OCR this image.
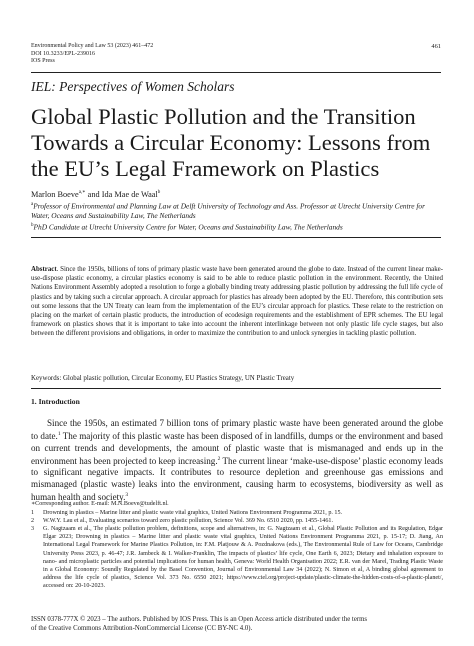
Environmental Policy and Law 53 (2023) 461–472
DOI 10.3233/EPL-239016
IOS Press
461
IEL: Perspectives of Women Scholars
Global Plastic Pollution and the Transition
Towards a Circular Economy: Lessons from
the EU’s Legal Framework on Plastics
Marlon Boeve$^{a,∗}$ and Ida Mae de Waal$^b$
$^a$Professor of Environmental and Planning Law at Delft University of Technology and Ass. Professor at Utrecht University Centre for Water, Oceans and Sustainability Law, The Netherlands
$^b$PhD Candidate at Utrecht University Centre for Water, Oceans and Sustainability Law, The Netherlands
Abstract. Since the 1950s, billions of tons of primary plastic waste have been generated around the globe to date. Instead of the current linear make-use-dispose plastic economy, a circular plastics economy is said to be able to reduce plastic pollution in the environment. Recently, the United Nations Environment Assembly adopted a resolution to forge a globally binding treaty addressing plastic pollution by addressing the full life cycle of plastics and by taking such a circular approach. A circular approach for plastics has already been adopted by the EU. Therefore, this contribution sets out some lessons that the UN Treaty can learn from the implementation of the EU’s circular approach for plastics. These relate to the restriction on placing on the market of certain plastic products, the introduction of ecodesign requirements and the establishment of EPR schemes. The EU legal framework on plastics shows that it is important to take into account the inherent interlinkage between not only plastic life cycle stages, but also between the different provisions and obligations, in order to maximize the contribution to and unlock synergies in tackling plastic pollution.
Keywords: Global plastic pollution, Circular Economy, EU Plastics Strategy, UN Plastic Treaty
1. Introduction
Since the 1950s, an estimated 7 billion tons of primary plastic waste have been generated around the globe to date.$^1$ The majority of this plastic waste has been disposed of in landfills, dumps or the environment and based on current trends and developments, the amount of plastic waste that is mismanaged and ends up in the environment has been projected to keep increasing.$^2$ The current linear ‘make-use-dispose’ plastic economy leads to significant negative impacts. It contributes to resource depletion and greenhouse gas emissions and mismanaged (plastic waste) leaks into the environment, causing harm to ecosystems, biodiversity as well as human health and society.$^3$
∗Corresponding author. E-mail: M.N.Boeve@tudelft.nl.
1	Drowning in plastics – Marine litter and plastic waste vital graphics, United Nations Environment Programma 2021, p. 15.
2	W.W.Y. Lau et al., Evaluating scenarios toward zero plastic pollution, Science Vol. 369 No. 6510 2020, pp. 1455-1461.
3	G. Nagtzaam et al., The plastic pollution problem, definitions, scope and alternatives, in: G. Nagtzaam et al., Global Plastic Pollution and its Regulation, Edgar Elgar 2023; Drowning in plastics – Marine litter and plastic waste vital graphics, United Nations Environment Programma 2021, p. 15-17; D. Jiang, An International Legal Framework for Marine Plastics Pollution, in: F.M. Platjouw & A. Pozdnakova (eds.), The Environmental Rule of Law for Oceans, Cambridge University Press 2023, p. 46-47; J.R. Jambeck & I. Walker-Franklin, The impacts of plastics’ life cycle, One Earth 6, 2023; Dietary and inhalation exposure to nano- and microplastic particles and potential implications for human health, Geneva: World Health Organisation 2022; E.R. van der Marel, Trading Plastic Waste in a Global Economy: Soundly Regulated by the Basel Convention, Journal of Environmental Law 34 (2022); N. Simon et al, A binding global agreement to address the life cycle of plastics, Science Vol. 373 No. 6550 2021; https://www.ciel.org/project-update/plastic-climate-the-hidden-costs-of-a-plastic-planet/, accessed on: 20-10-2023.
ISSN 0378-777X © 2023 – The authors. Published by IOS Press. This is an Open Access article distributed under the terms
of the Creative Commons Attribution-NonCommercial License (CC BY-NC 4.0).
